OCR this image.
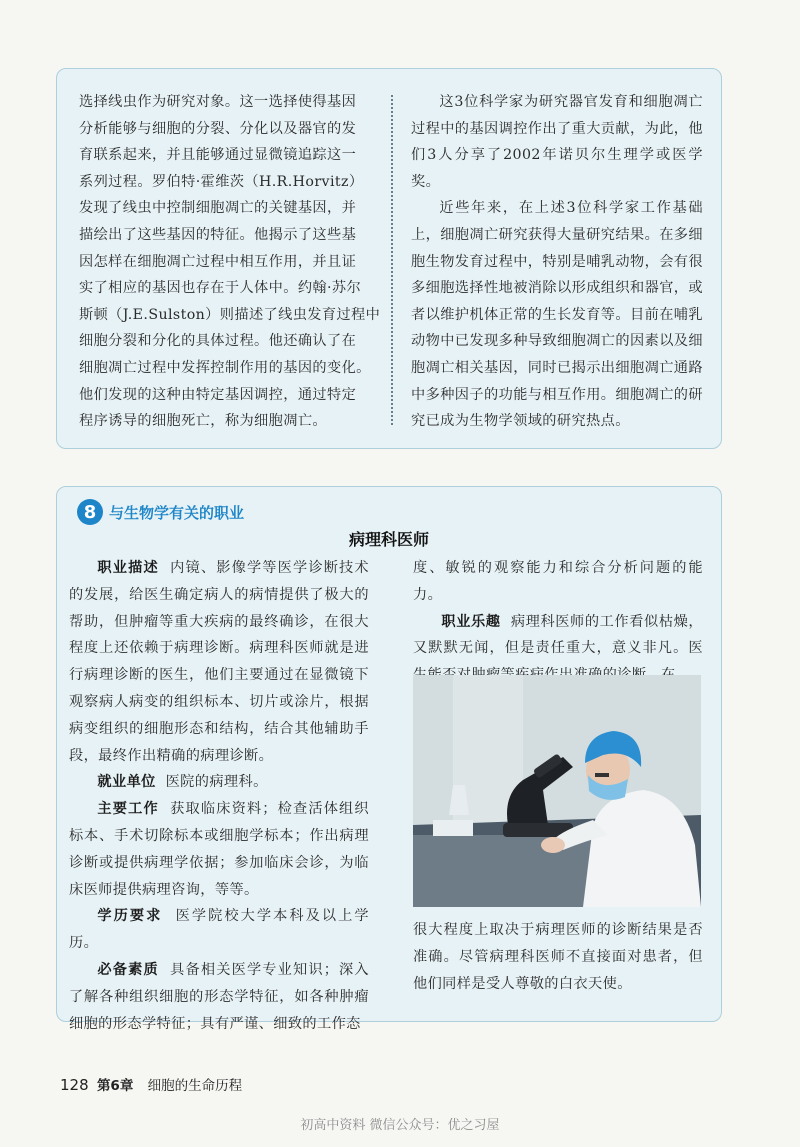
选择线虫作为研究对象。这一选择使得基因

分析能够与细胞的分裂、分化以及器官的发

育联系起来，并且能够通过显微镜追踪这一

系列过程。罗伯特·霍维茨（H.R.Horvitz）

发现了线虫中控制细胞凋亡的关键基因，并

描绘出了这些基因的特征。他揭示了这些基

因怎样在细胞凋亡过程中相互作用，并且证

实了相应的基因也存在于人体中。约翰·苏尔

斯顿（J.E.Sulston）则描述了线虫发育过程中

细胞分裂和分化的具体过程。他还确认了在

细胞凋亡过程中发挥控制作用的基因的变化。

他们发现的这种由特定基因调控，通过特定

程序诱导的细胞死亡，称为细胞凋亡。

这3位科学家为研究器官发育和细胞凋亡过程中的基因调控作出了重大贡献，为此，他们3人分享了2002年诺贝尔生理学或医学奖。

近些年来，在上述3位科学家工作基础上，细胞凋亡研究获得大量研究结果。在多细胞生物发育过程中，特别是哺乳动物，会有很多细胞选择性地被消除以形成组织和器官，或者以维护机体正常的生长发育等。目前在哺乳动物中已发现多种导致细胞凋亡的因素以及细胞凋亡相关基因，同时已揭示出细胞凋亡通路中多种因子的功能与相互作用。细胞凋亡的研究已成为生物学领域的研究热点。

8 与生物学有关的职业
病理科医师

职业描述 内镜、影像学等医学诊断技术的发展，给医生确定病人的病情提供了极大的帮助，但肿瘤等重大疾病的最终确诊，在很大程度上还依赖于病理诊断。病理科医师就是进行病理诊断的医生，他们主要通过在显微镜下观察病人病变的组织标本、切片或涂片，根据病变组织的细胞形态和结构，结合其他辅助手段，最终作出精确的病理诊断。

就业单位 医院的病理科。

主要工作 获取临床资料；检查活体组织标本、手术切除标本或细胞学标本；作出病理诊断或提供病理学依据；参加临床会诊，为临床医师提供病理咨询，等等。

学历要求 医学院校大学本科及以上学历。

必备素质 具备相关医学专业知识；深入了解各种组织细胞的形态学特征，如各种肿瘤细胞的形态学特征；具有严谨、细致的工作态

度、敏锐的观察能力和综合分析问题的能力。

职业乐趣 病理科医师的工作看似枯燥，又默默无闻，但是责任重大，意义非凡。医

很大程度上取决于病理医师的诊断结果是否准确。尽管病理科医师不直接面对患者，但他们同样是受人尊敬的白衣天使。

128 第6章 细胞的生命历程
初高中资料 微信公众号：优之习屋
